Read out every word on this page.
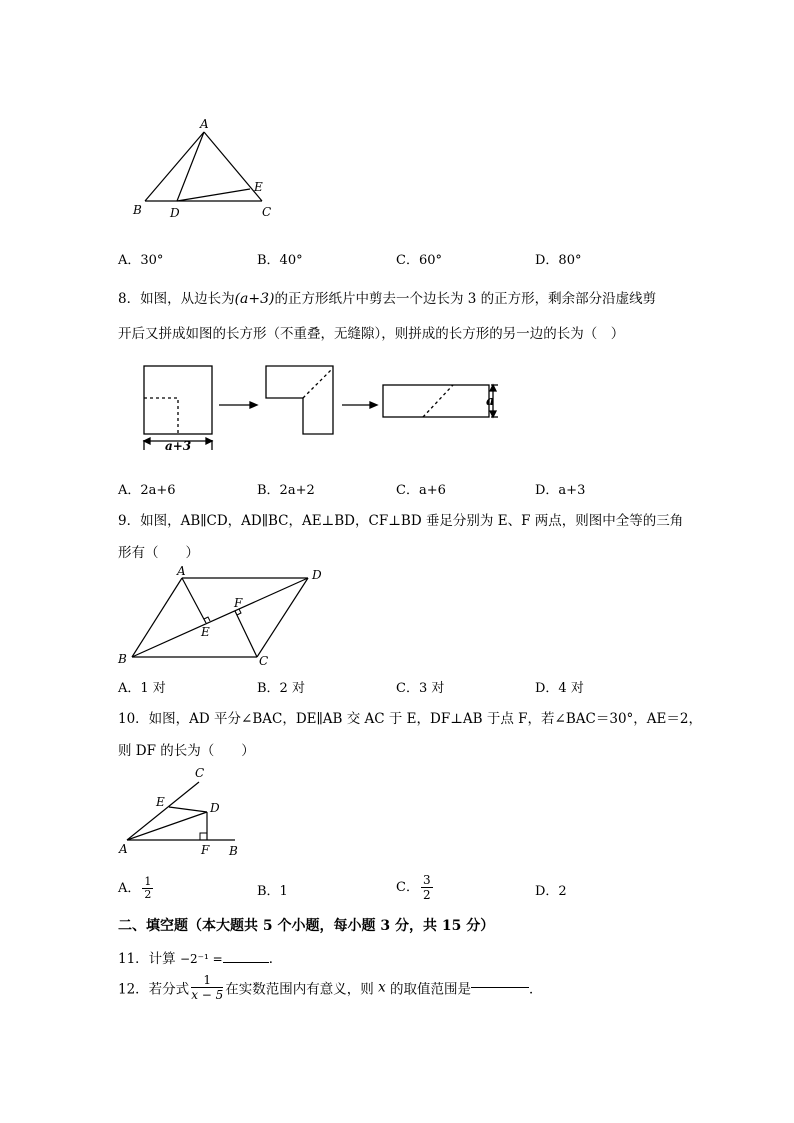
A
B D	C
E
A．30°	B．40°	C．60°	D．80°
8．如图，从边长为(a+3)的正方形纸片中剪去一个边长为 3 的正方形，剩余部分沿虚线剪
开后又拼成如图的长方形（不重叠，无缝隙），则拼成的长方形的另一边的长为（　）
a+3
a
A．2a+6	B．2a+2	C．a+6	D．a+3
9．如图，AB∥CD，AD∥BC，AE⊥BD，CF⊥BD 垂足分别为 E、F 两点，则图中全等的三角
形有（　　）
A	D
B	C
E
F
A．1 对	B．2 对	C．3 对	D．4 对
10．如图，AD 平分∠BAC，DE∥AB 交 AC 于 E，DF⊥AB 于点 F，若∠BAC＝30°，AE＝2，
则 DF 的长为（　　）
C
E	D
A	F B
A． $\frac{1}{2}$	B．1	C． $\frac{3}{2}$	D．2
二、填空题（本大题共 5 个小题，每小题 3 分，共 15 分）
11．计算 −2⁻¹ =	．
12．若分式 $\frac{1}{x - 5}$ 在实数范围内有意义，则 x 的取值范围是	．
